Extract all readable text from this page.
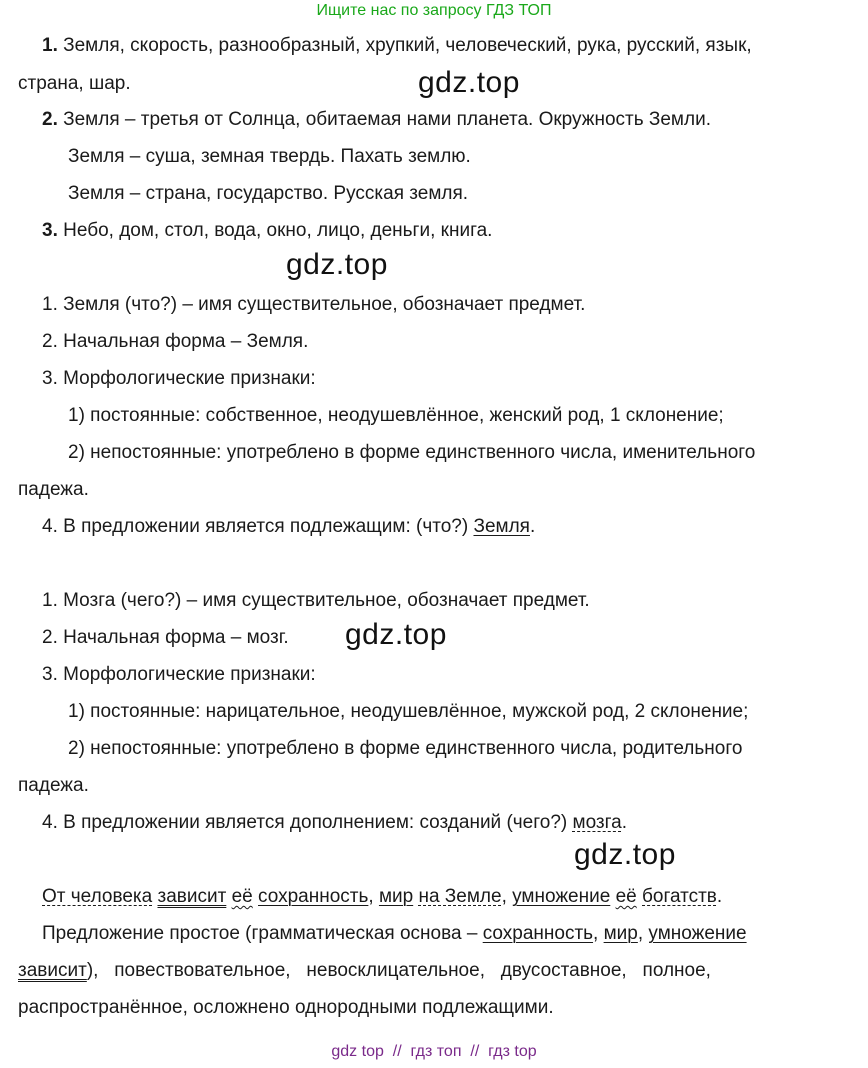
Ищите нас по запросу ГДЗ ТОП
1. Земля, скорость, разнообразный, хрупкий, человеческий, рука, русский, язык,
страна, шар.	gdz.top
2. Земля – третья от Солнца, обитаемая нами планета. Окружность Земли.
Земля – суша, земная твердь. Пахать землю.
Земля – страна, государство. Русская земля.
3. Небо, дом, стол, вода, окно, лицо, деньги, книга.
gdz.top
1. Земля (что?) – имя существительное, обозначает предмет.
2. Начальная форма – Земля.
3. Морфологические признаки:
1) постоянные: собственное, неодушевлённое, женский род, 1 склонение;
2) непостоянные: употреблено в форме единственного числа, именительного
падежа.
4. В предложении является подлежащим: (что?) Земля.
1. Мозга (чего?) – имя существительное, обозначает предмет.
2. Начальная форма – мозг.	gdz.top
3. Морфологические признаки:
1) постоянные: нарицательное, неодушевлённое, мужской род, 2 склонение;
2) непостоянные: употреблено в форме единственного числа, родительного
падежа.
4. В предложении является дополнением: созданий (чего?) мозга.
gdz.top
От человека зависит её сохранность, мир на Земле, умножение её богатств.
Предложение простое (грамматическая основа – сохранность, мир, умножение
зависит),   повествовательное,   невосклицательное,   двусоставное,   полное,
распространённое, осложнено однородными подлежащими.
gdz top  //  гдз топ  //  гдз top
